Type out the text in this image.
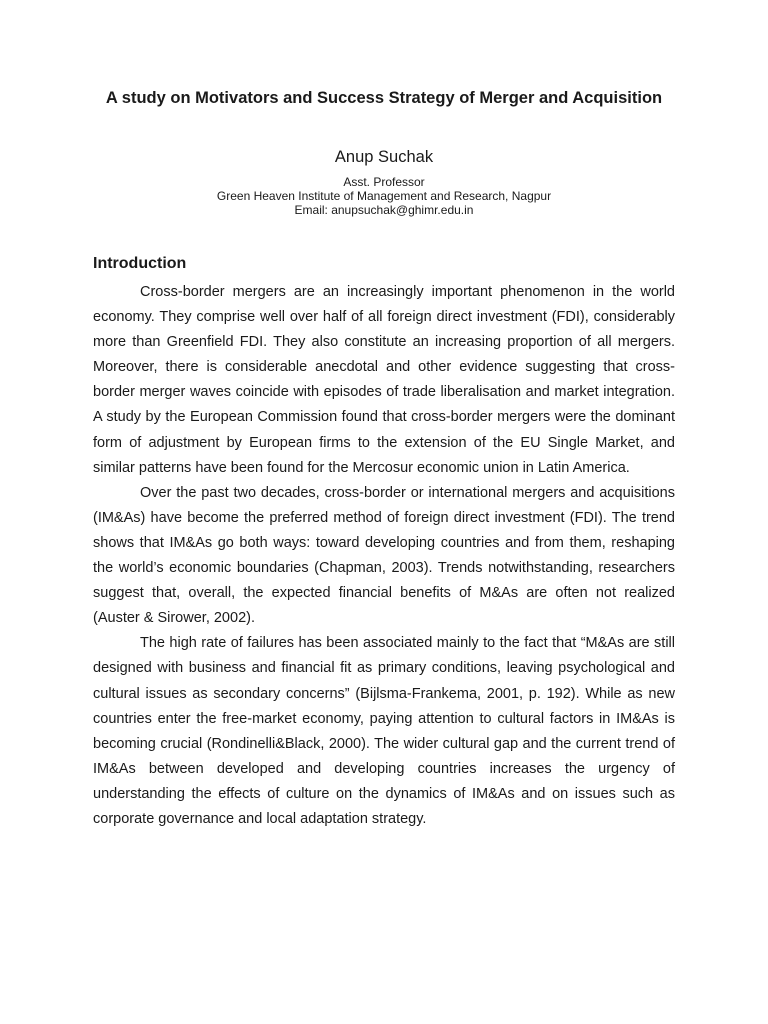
A study on Motivators and Success Strategy of Merger and Acquisition
Anup Suchak
Asst. Professor
Green Heaven Institute of Management and Research, Nagpur
Email: anupsuchak@ghimr.edu.in
Introduction

Cross-border mergers are an increasingly important phenomenon in the world economy. They comprise well over half of all foreign direct investment (FDI), considerably more than Greenfield FDI. They also constitute an increasing proportion of all mergers. Moreover, there is considerable anecdotal and other evidence suggesting that cross-border merger waves coincide with episodes of trade liberalisation and market integration. A study by the European Commission found that cross-border mergers were the dominant form of adjustment by European firms to the extension of the EU Single Market, and similar patterns have been found for the Mercosur economic union in Latin America.

Over the past two decades, cross-border or international mergers and acquisitions (IM&As) have become the preferred method of foreign direct investment (FDI). The trend shows that IM&As go both ways: toward developing countries and from them, reshaping the world’s economic boundaries (Chapman, 2003). Trends notwithstanding, researchers suggest that, overall, the expected financial benefits of M&As are often not realized (Auster & Sirower, 2002).

The high rate of failures has been associated mainly to the fact that “M&As are still designed with business and financial fit as primary conditions, leaving psychological and cultural issues as secondary concerns” (Bijlsma-Frankema, 2001, p. 192). While as new countries enter the free-market economy, paying attention to cultural factors in IM&As is becoming crucial (Rondinelli&Black, 2000). The wider cultural gap and the current trend of IM&As between developed and developing countries increases the urgency of understanding the effects of culture on the dynamics of IM&As and on issues such as corporate governance and local adaptation strategy.
